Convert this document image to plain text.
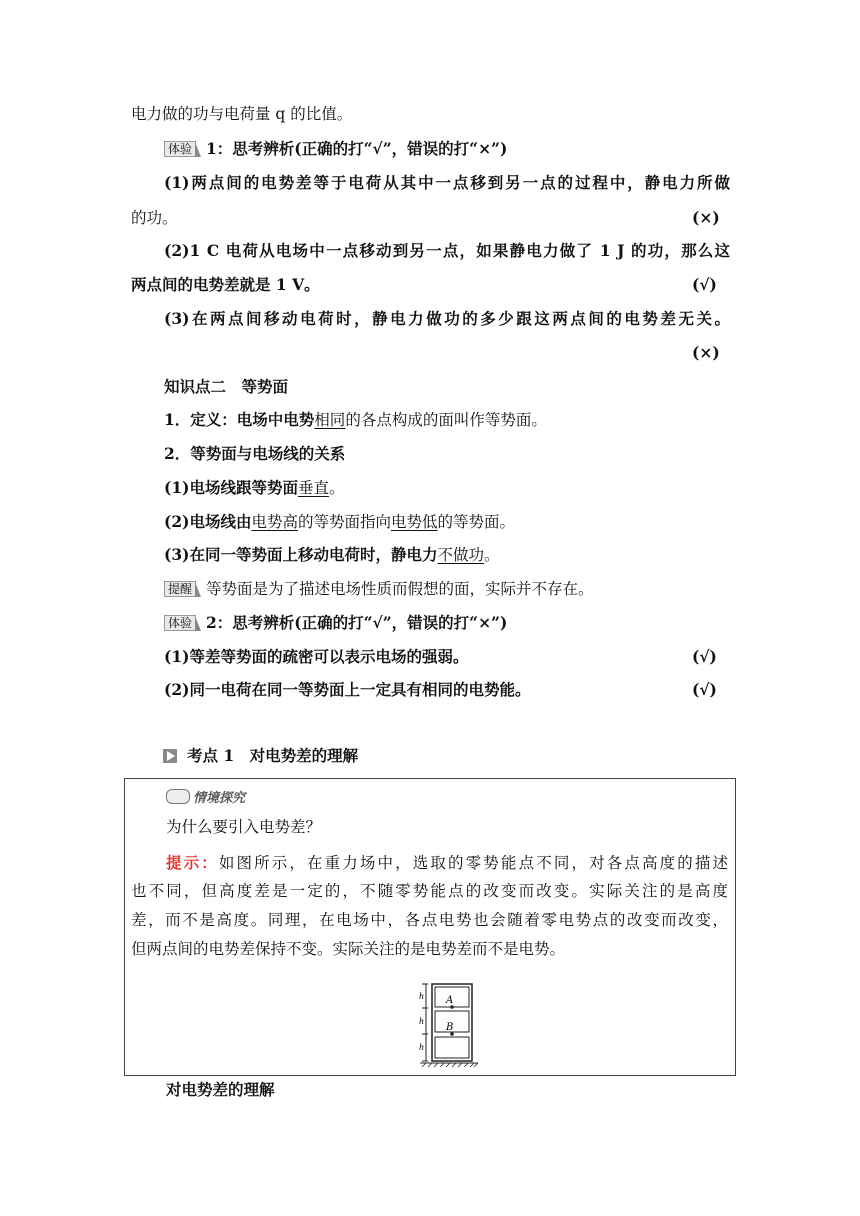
电力做的功与电荷量 q 的比值。
体验 1：思考辨析(正确的打“√”，错误的打“×”)
(1)两点间的电势差等于电荷从其中一点移到另一点的过程中，静电力所做
的功。	(×)
(2)1 C 电荷从电场中一点移动到另一点，如果静电力做了 1 J 的功，那么这
两点间的电势差就是 1 V。	(√)
(3)在两点间移动电荷时，静电力做功的多少跟这两点间的电势差无关。
(×)
知识点二　等势面
1．定义：电场中电势相同的各点构成的面叫作等势面。
2．等势面与电场线的关系
(1)电场线跟等势面垂直。
(2)电场线由电势高的等势面指向电势低的等势面。
(3)在同一等势面上移动电荷时，静电力不做功。
提醒 等势面是为了描述电场性质而假想的面，实际并不存在。
体验 2：思考辨析(正确的打“√”，错误的打“×”)
(1)等差等势面的疏密可以表示电场的强弱。	(√)
(2)同一电荷在同一等势面上一定具有相同的电势能。	(√)
考点 1　对电势差的理解
情境探究
为什么要引入电势差？
提示：如图所示，在重力场中，选取的零势能点不同，对各点高度的描述
也不同，但高度差是一定的，不随零势能点的改变而改变。实际关注的是高度
差，而不是高度。同理，在电场中，各点电势也会随着零电势点的改变而改变，
但两点间的电势差保持不变。实际关注的是电势差而不是电势。
A
B
h
h
h
对电势差的理解
